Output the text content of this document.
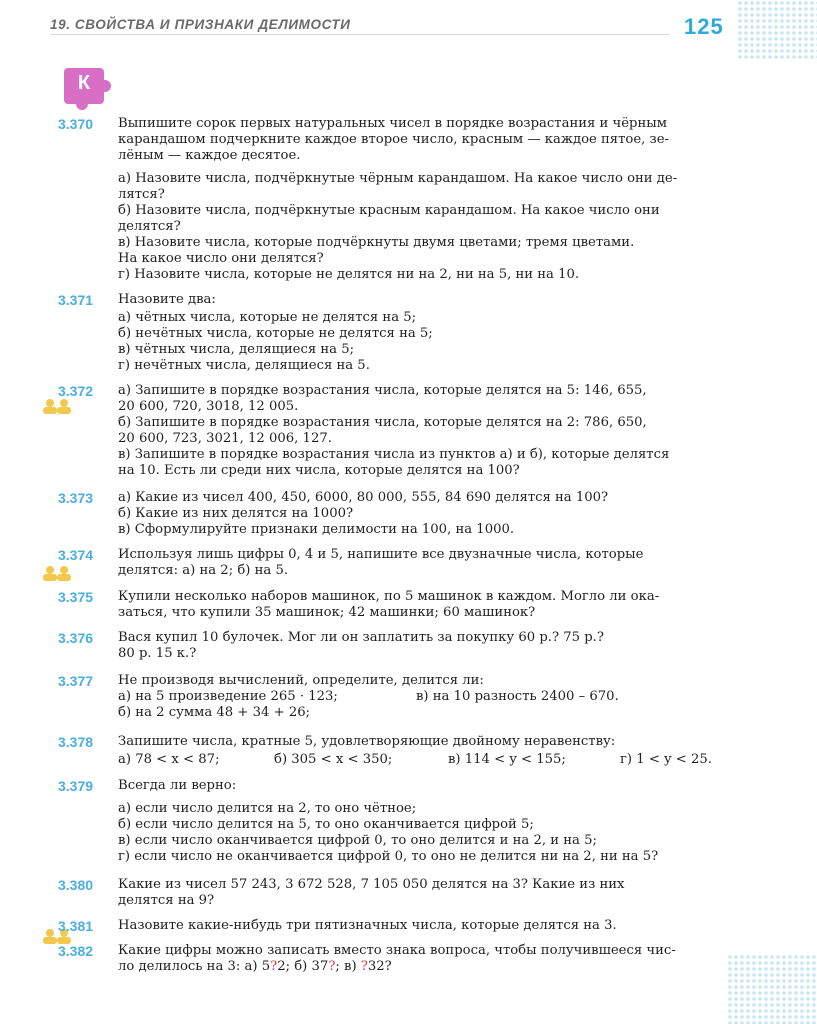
19. СВОЙСТВА И ПРИЗНАКИ ДЕЛИМОСТИ	125
К
3.370 Выпишите сорок первых натуральных чисел в порядке возрастания и чёрным
карандашом подчеркните каждое второе число, красным — каждое пятое, зе-
лёным — каждое десятое.
а) Назовите числа, подчёркнутые чёрным карандашом. На какое число они де-
лятся?
б) Назовите числа, подчёркнутые красным карандашом. На какое число они
делятся?
в) Назовите числа, которые подчёркнуты двумя цветами; тремя цветами.
На какое число они делятся?
г) Назовите числа, которые не делятся ни на 2, ни на 5, ни на 10.
3.371 Назовите два:
а) чётных числа, которые не делятся на 5;
б) нечётных числа, которые не делятся на 5;
в) чётных числа, делящиеся на 5;
г) нечётных числа, делящиеся на 5.
3.372 а) Запишите в порядке возрастания числа, которые делятся на 5: 146, 655,
20 600, 720, 3018, 12 005.
б) Запишите в порядке возрастания числа, которые делятся на 2: 786, 650,
20 600, 723, 3021, 12 006, 127.
в) Запишите в порядке возрастания числа из пунктов а) и б), которые делятся
на 10. Есть ли среди них числа, которые делятся на 100?
3.373 а) Какие из чисел 400, 450, 6000, 80 000, 555, 84 690 делятся на 100?
б) Какие из них делятся на 1000?
в) Сформулируйте признаки делимости на 100, на 1000.
3.374 Используя лишь цифры 0, 4 и 5, напишите все двузначные числа, которые
делятся: а) на 2; б) на 5.
3.375 Купили несколько наборов машинок, по 5 машинок в каждом. Могло ли ока-
заться, что купили 35 машинок; 42 машинки; 60 машинок?
3.376 Вася купил 10 булочек. Мог ли он заплатить за покупку 60 р.? 75 р.?
80 р. 15 к.?
3.377 Не производя вычислений, определите, делится ли:
а) на 5 произведение 265 · 123;	в) на 10 разность 2400 – 670.
б) на 2 сумма 48 + 34 + 26;
3.378 Запишите числа, кратные 5, удовлетворяющие двойному неравенству:
а) 78 < x < 87;	б) 305 < x < 350;	в) 114 < y < 155;	г) 1 < y < 25.
3.379 Всегда ли верно:
а) если число делится на 2, то оно чётное;
б) если число делится на 5, то оно оканчивается цифрой 5;
в) если число оканчивается цифрой 0, то оно делится и на 2, и на 5;
г) если число не оканчивается цифрой 0, то оно не делится ни на 2, ни на 5?
3.380 Какие из чисел 57 243, 3 672 528, 7 105 050 делятся на 3? Какие из них
делятся на 9?
3.381 Назовите какие-нибудь три пятизначных числа, которые делятся на 3.
3.382 Какие цифры можно записать вместо знака вопроса, чтобы получившееся чис-
ло делилось на 3: а) 5?2; б) 37?; в) ?32?
